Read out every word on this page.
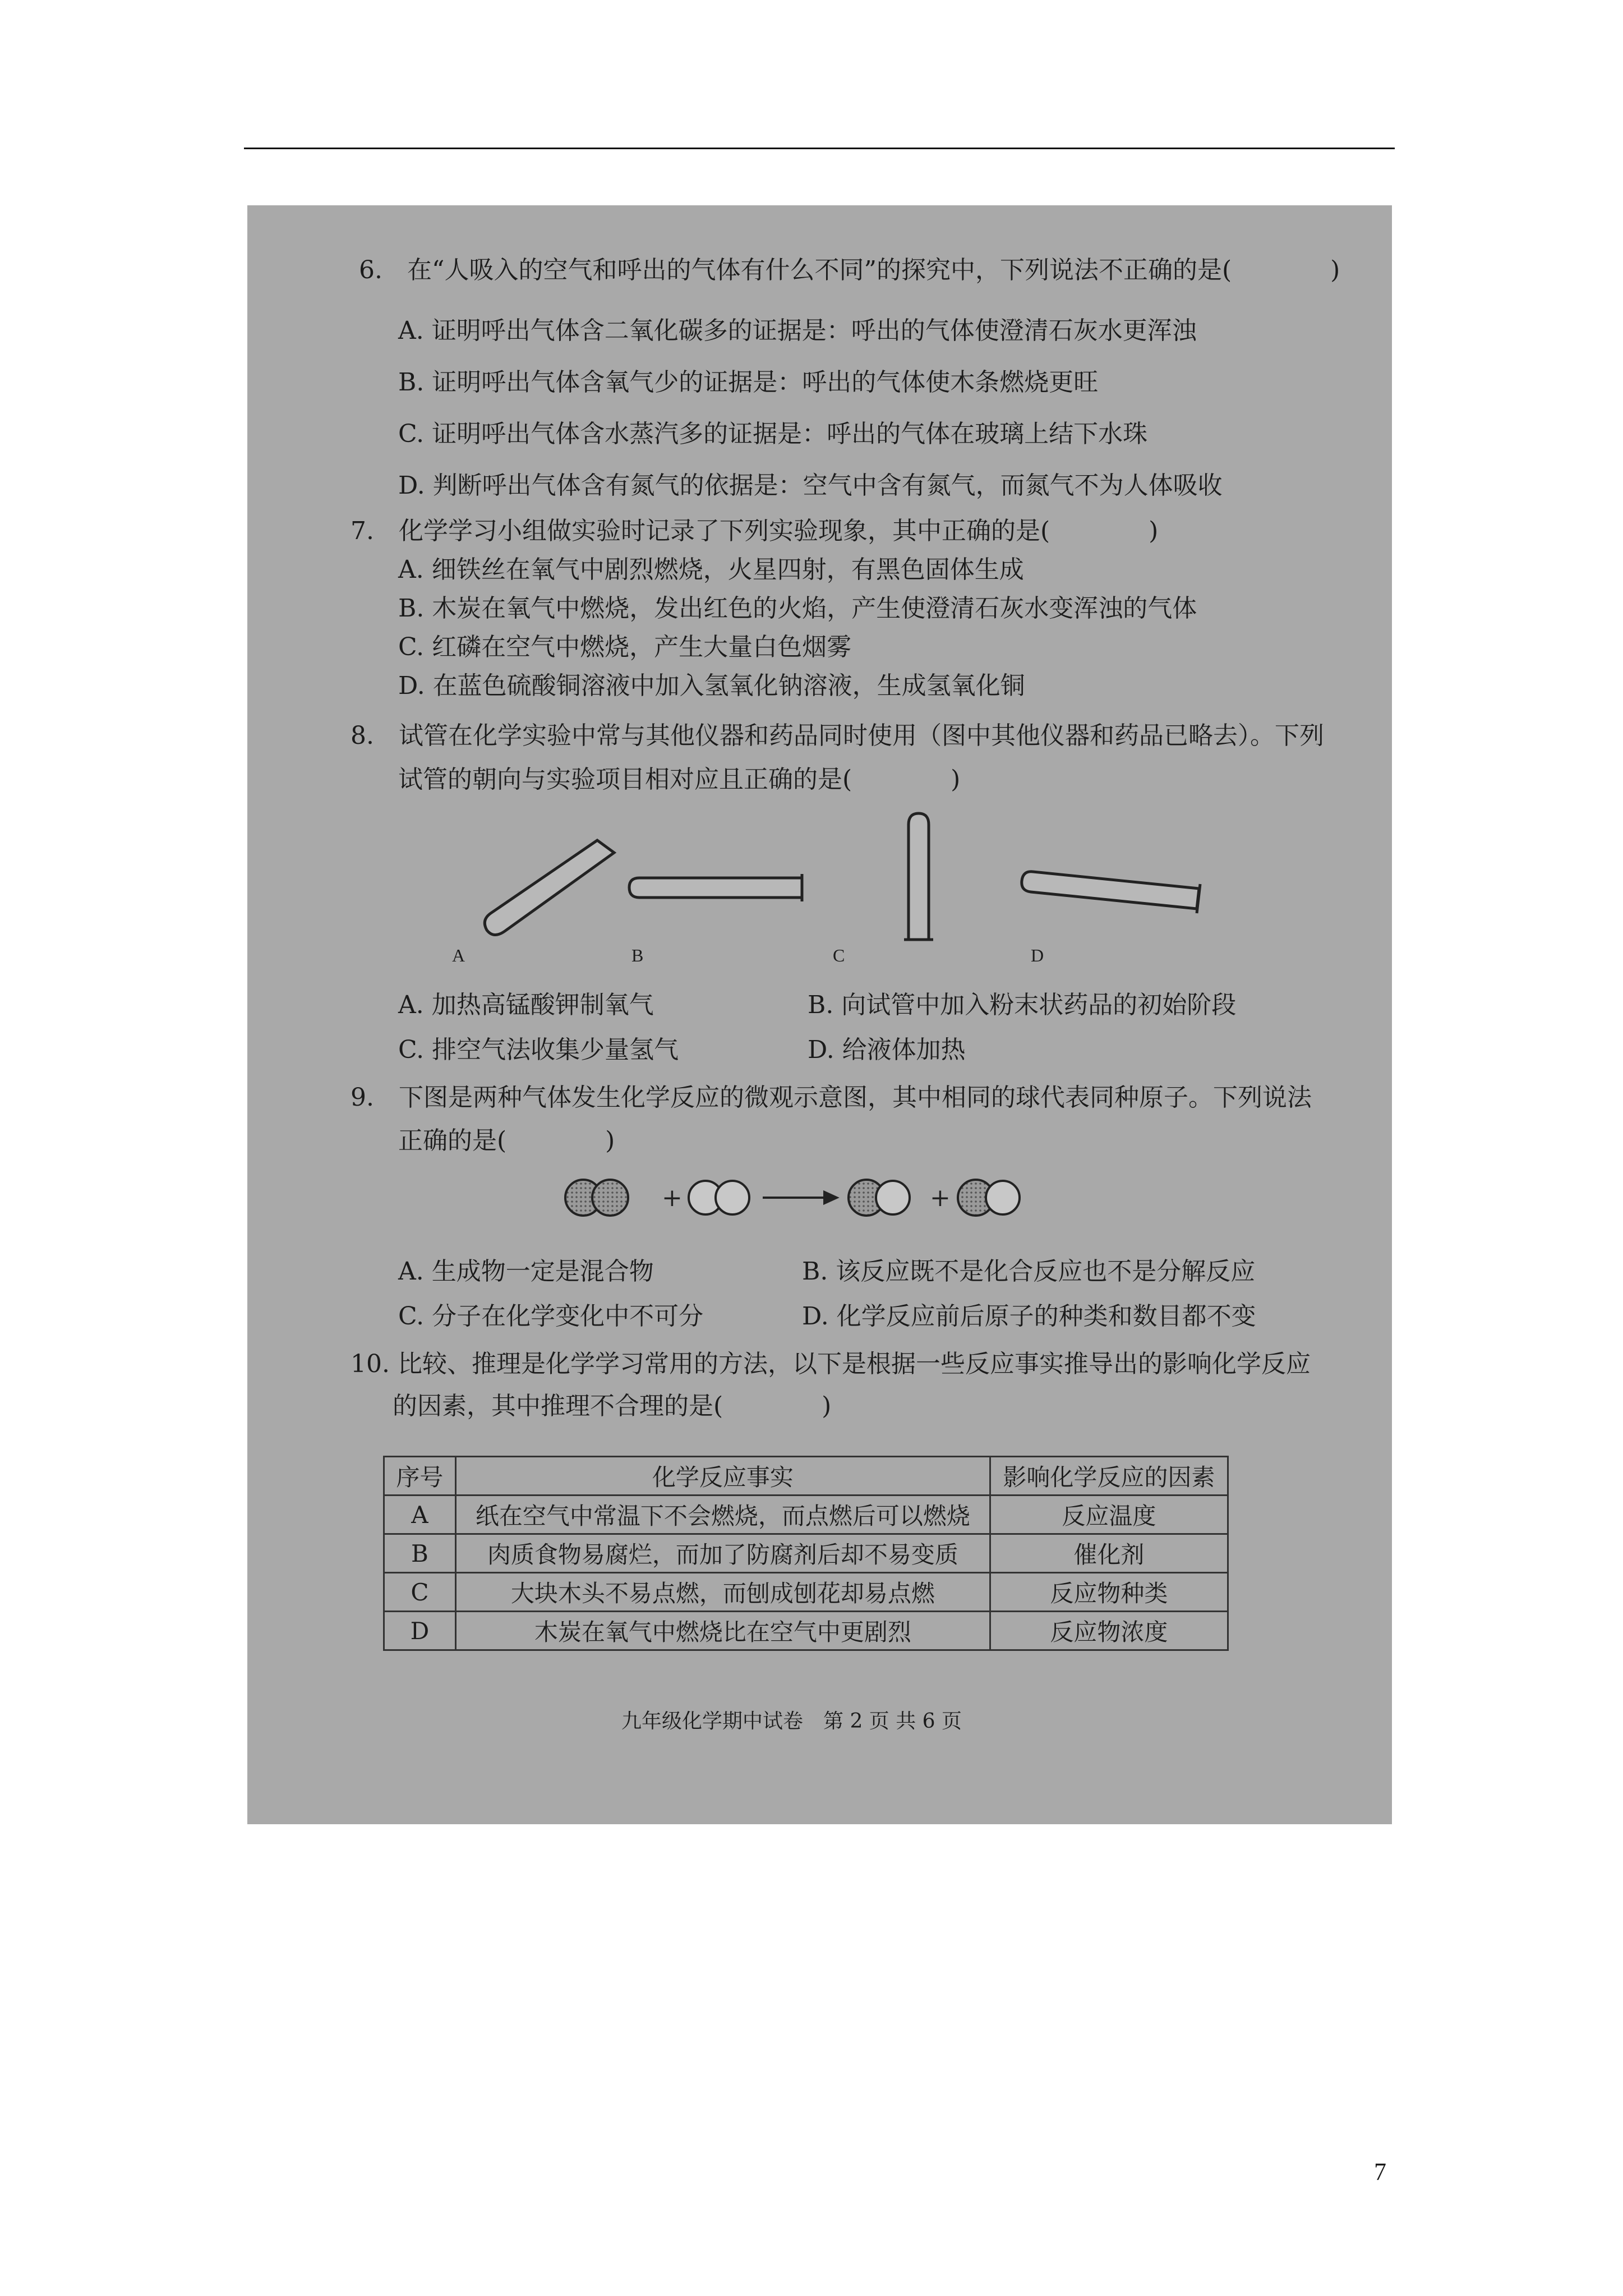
6.　在“人吸入的空气和呼出的气体有什么不同”的探究中，下列说法不正确的是(　　　　)
A. 证明呼出气体含二氧化碳多的证据是：呼出的气体使澄清石灰水更浑浊
B. 证明呼出气体含氧气少的证据是：呼出的气体使木条燃烧更旺
C. 证明呼出气体含水蒸汽多的证据是：呼出的气体在玻璃上结下水珠
D. 判断呼出气体含有氮气的依据是：空气中含有氮气，而氮气不为人体吸收
7.　化学学习小组做实验时记录了下列实验现象，其中正确的是(　　　　)
A. 细铁丝在氧气中剧烈燃烧，火星四射，有黑色固体生成
B. 木炭在氧气中燃烧，发出红色的火焰，产生使澄清石灰水变浑浊的气体
C. 红磷在空气中燃烧，产生大量白色烟雾
D. 在蓝色硫酸铜溶液中加入氢氧化钠溶液，生成氢氧化铜
8.　试管在化学实验中常与其他仪器和药品同时使用（图中其他仪器和药品已略去）。下列
试管的朝向与实验项目相对应且正确的是(　　　　)
A	B	C	D
A. 加热高锰酸钾制氧气	B. 向试管中加入粉末状药品的初始阶段
C. 排空气法收集少量氢气	D. 给液体加热
9.　下图是两种气体发生化学反应的微观示意图，其中相同的球代表同种原子。下列说法
正确的是(　　　　)
+	+
A. 生成物一定是混合物	B. 该反应既不是化合反应也不是分解反应
C. 分子在化学变化中不可分	D. 化学反应前后原子的种类和数目都不变
10. 比较、推理是化学学习常用的方法，以下是根据一些反应事实推导出的影响化学反应
的因素，其中推理不合理的是(　　　　)
序号	化学反应事实	影响化学反应的因素
A	纸在空气中常温下不会燃烧，而点燃后可以燃烧	反应温度
B	肉质食物易腐烂，而加了防腐剂后却不易变质	催化剂
C	大块木头不易点燃，而刨成刨花却易点燃	反应物种类
D	木炭在氧气中燃烧比在空气中更剧烈	反应物浓度
九年级化学期中试卷　第 2 页 共 6 页
7
